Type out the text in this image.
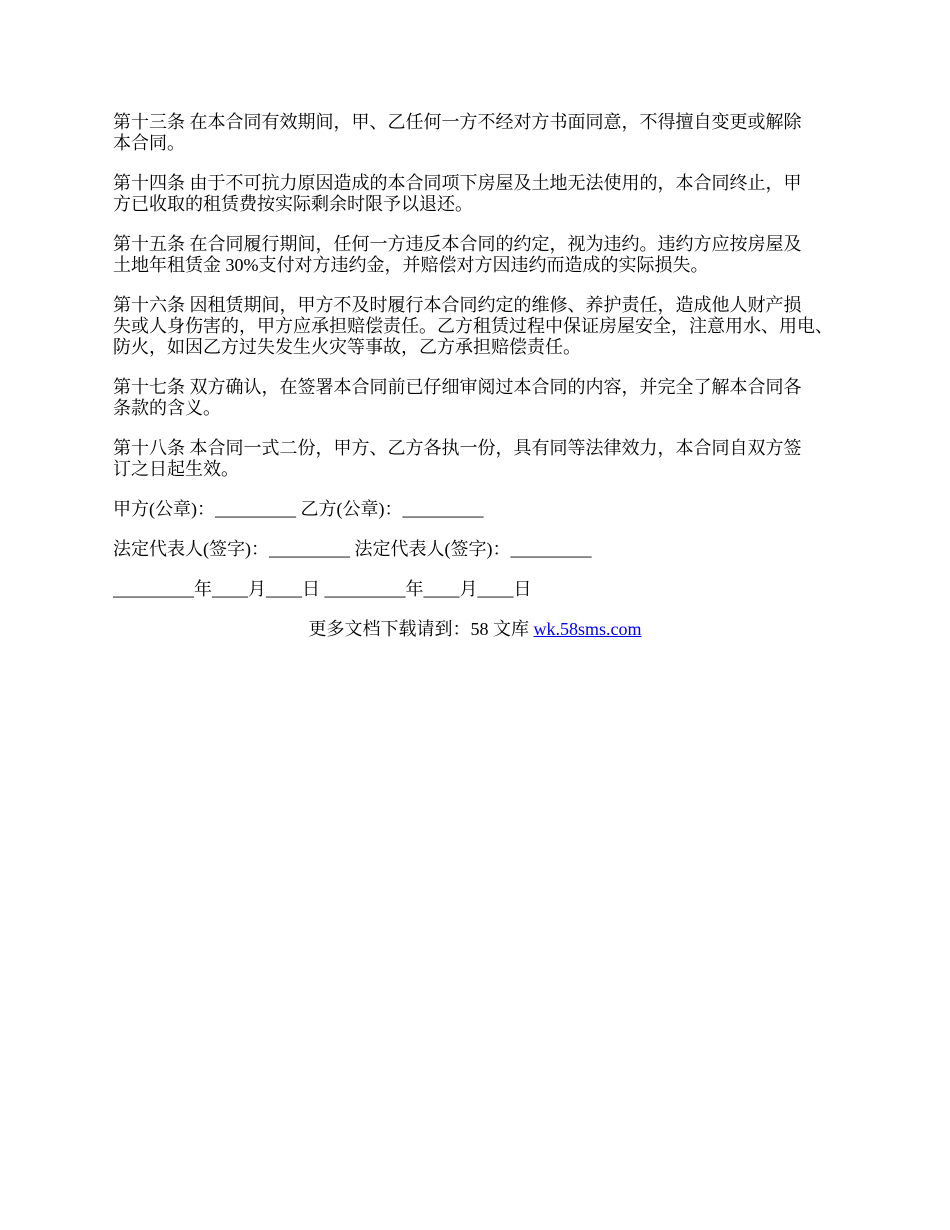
第十三条 在本合同有效期间，甲、乙任何一方不经对方书面同意，不得擅自变更或解除
本合同。
第十四条 由于不可抗力原因造成的本合同项下房屋及土地无法使用的，本合同终止，甲
方已收取的租赁费按实际剩余时限予以退还。
第十五条 在合同履行期间，任何一方违反本合同的约定，视为违约。违约方应按房屋及
土地年租赁金 30%支付对方违约金，并赔偿对方因违约而造成的实际损失。
第十六条 因租赁期间，甲方不及时履行本合同约定的维修、养护责任，造成他人财产损
失或人身伤害的，甲方应承担赔偿责任。乙方租赁过程中保证房屋安全，注意用水、用电、
防火，如因乙方过失发生火灾等事故，乙方承担赔偿责任。
第十七条 双方确认，在签署本合同前已仔细审阅过本合同的内容，并完全了解本合同各
条款的含义。
第十八条 本合同一式二份，甲方、乙方各执一份，具有同等法律效力，本合同自双方签
订之日起生效。
甲方(公章)：_________ 乙方(公章)：_________
法定代表人(签字)：_________ 法定代表人(签字)：_________
_________年____月____日 _________年____月____日
更多文档下载请到：58 文库 wk.58sms.com
